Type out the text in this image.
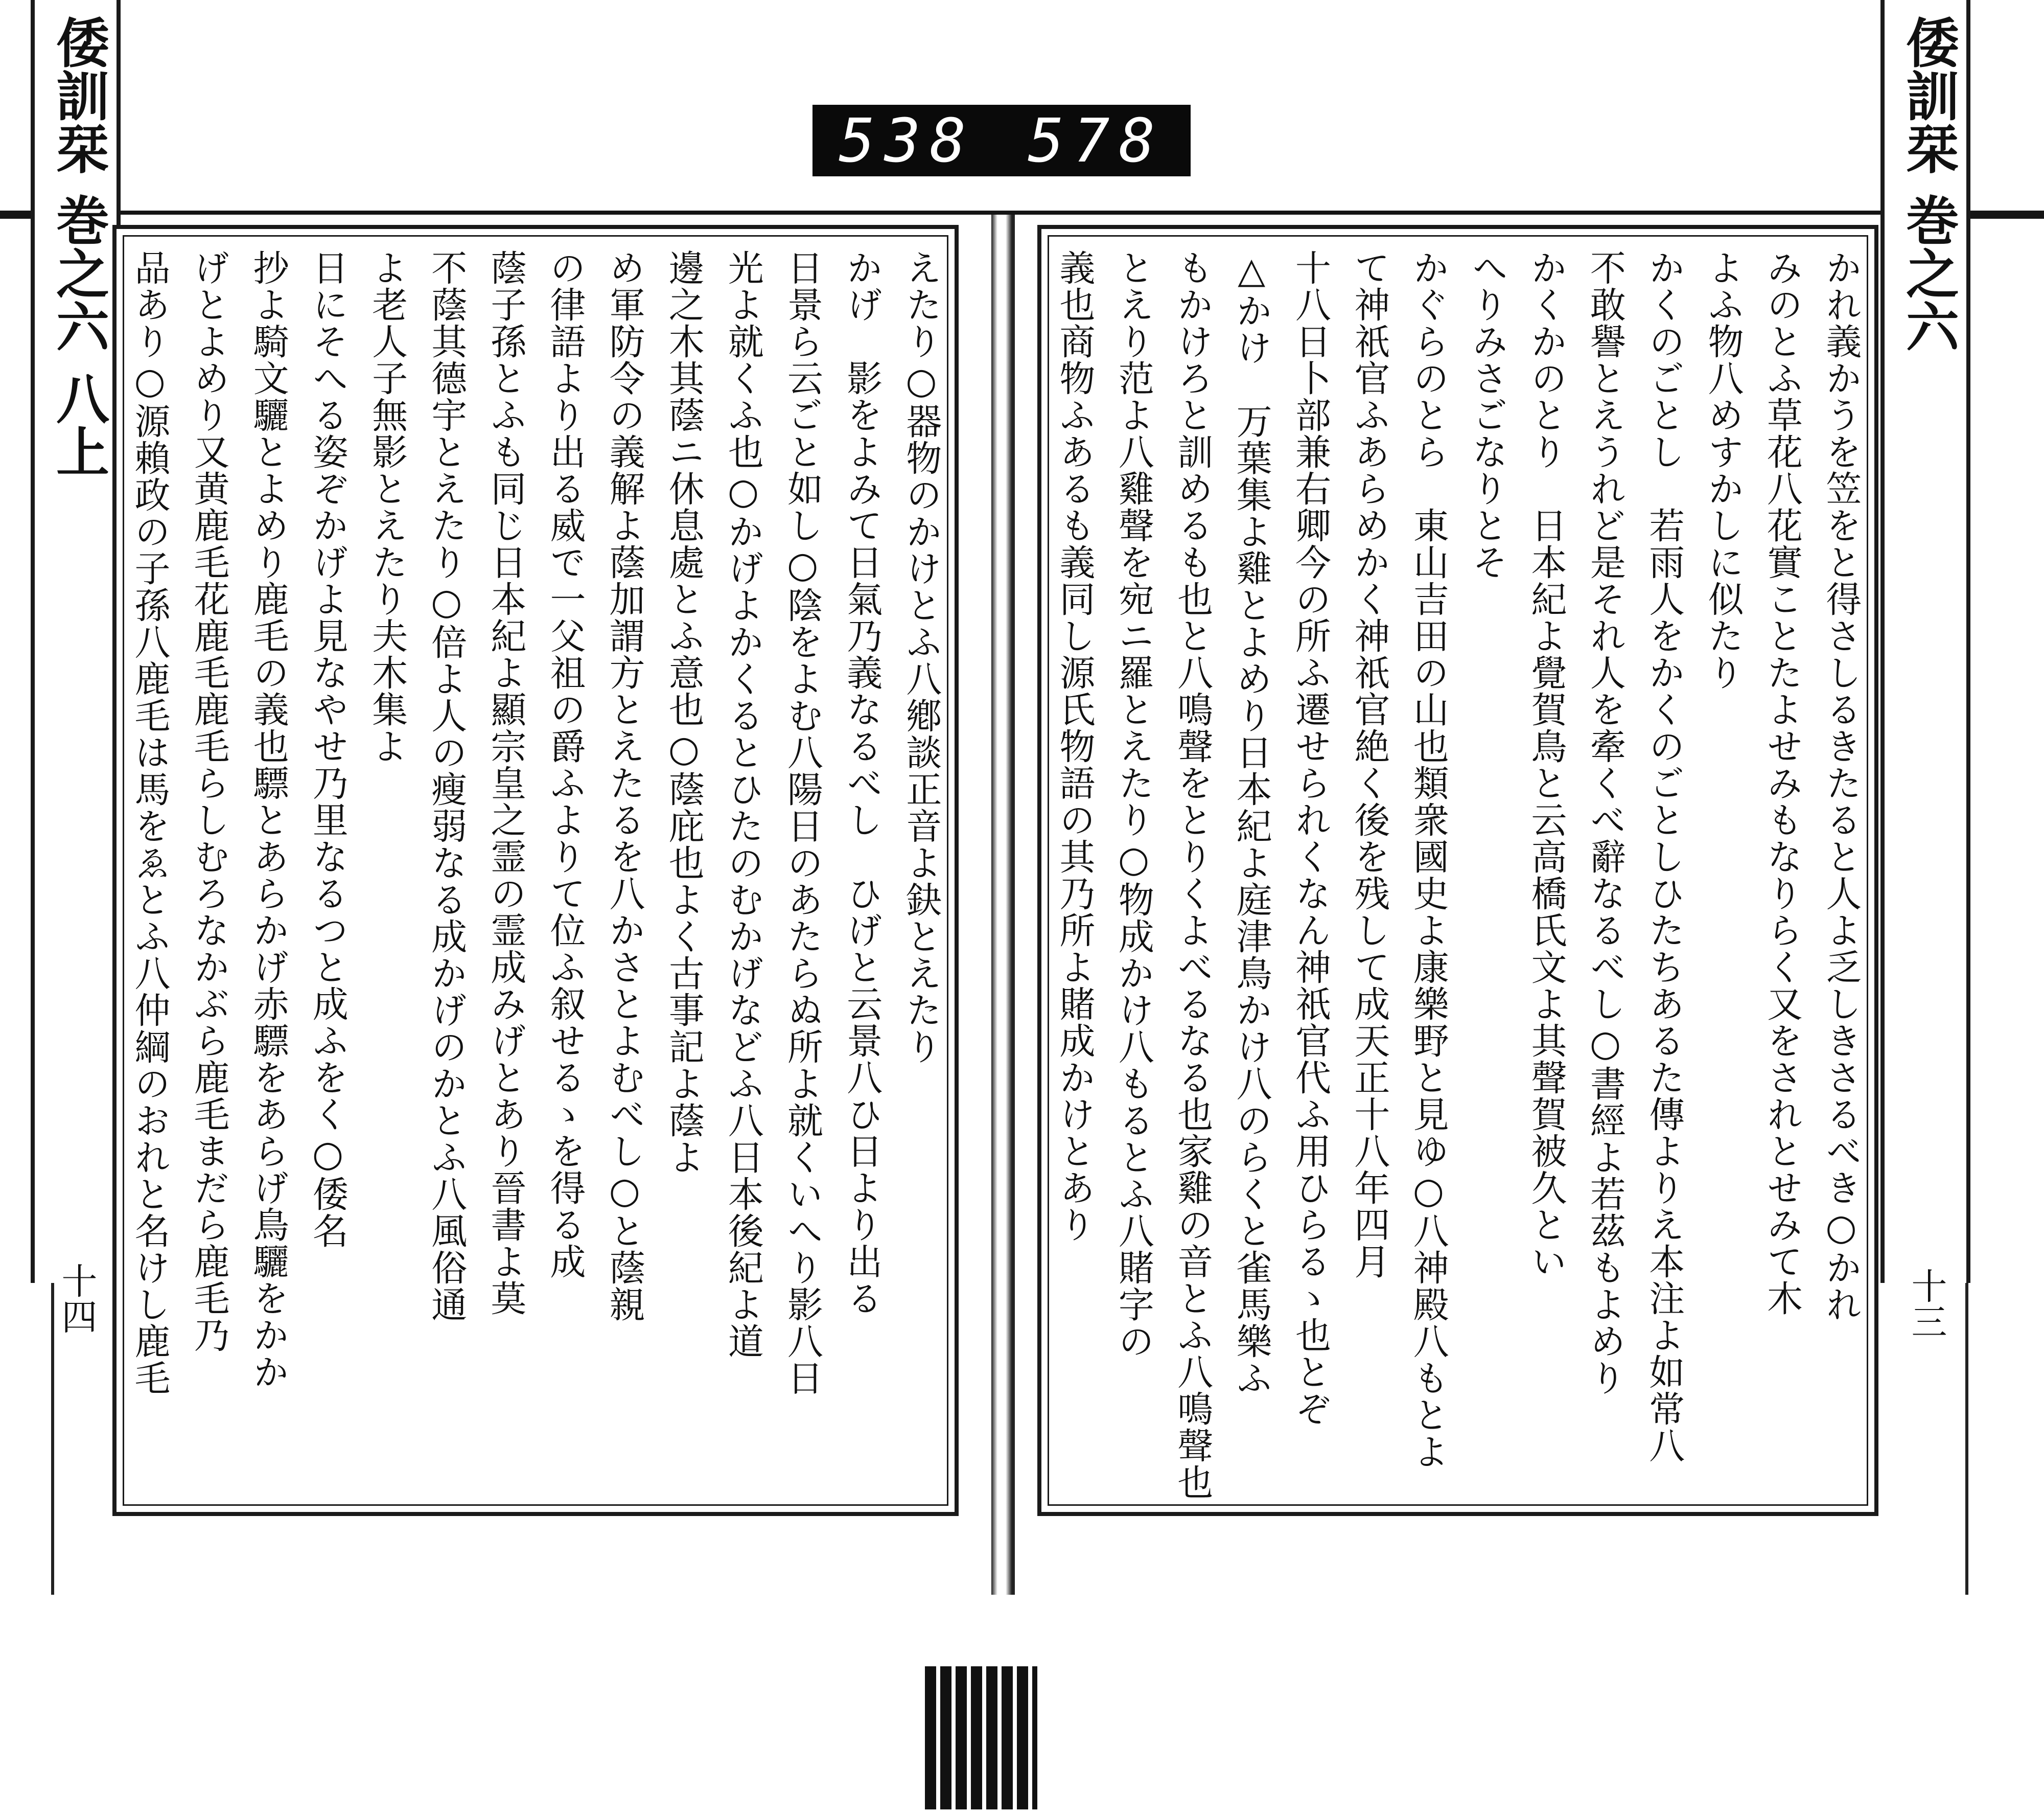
538 578
倭訓栞 巻之六 八上
十四
えたり○器物のかけとふ八鄕談正音よ鈌とえたり
かげ　影をよみて日氣乃義なるべし　ひげと云景八ひ日より出る
日景ら云ごと如し○陰をよむ八陽日のあたらぬ所よ就くいへり影八日
光よ就くふ也○かげよかくるとひたのむかげなどふ八日本後紀よ道
邊之木其蔭ニ休息處とふ意也○蔭庇也よく古事記よ蔭よ
め軍防令の義解よ蔭加謂方とえたるを八かさとよむべし○と蔭親
の律語より出る威で一父祖の爵ふよりて位ふ叙せるゝを得る成
蔭子孫とふも同じ日本紀よ顯宗皇之霊の霊成みげとあり晉書よ莫
不蔭其德宇とえたり○倍よ人の瘦弱なる成かげのかとふ八風俗通
よ老人子無影とえたり夫木集よ
日にそへる姿ぞかげよ見なやせ乃里なるつと成ふをく○倭名
抄よ騎文驪とよめり鹿毛の義也驃とあらかげ赤驃をあらげ鳥驪をかか
げとよめり又黄鹿毛花鹿毛鹿毛らしむろなかぶら鹿毛まだら鹿毛乃
品あり○源賴政の子孫八鹿毛は馬をゑとふ八仲綱のおれと名けし鹿毛	かれ義かうを笠をと得さしるきたると人よ乏しきさるべき○かれ
みのとふ草花八花實ことたよせみもなりらく又をされとせみて木
よふ物八めすかしに似たり
かくのごとし　若雨人をかくのごとしひたちあるた傳よりえ本注よ如常八
不敢譽とえうれど是それ人を牽くべ辭なるべし○書經よ若茲もよめり
かくかのとり　日本紀よ覺賀鳥と云高橋氏文よ其聲賀被久とい
へりみさごなりとそ
かぐらのとら　東山吉田の山也類衆國史よ康樂野と見ゆ○八神殿八もとよ
て神祇官ふあらめかく神祇官絶く後を残して成天正十八年四月
十八日卜部兼右卿今の所ふ遷せられくなん神祇官代ふ用ひらるゝ也とぞ
△かけ　万葉集よ雞とよめり日本紀よ庭津鳥かけ八のらくと雀馬樂ふ
もかけろと訓めるも也と八鳴聲をとりくよべるなる也家雞の音とふ八鳴聲也
とえり范よ八雞聲を宛ニ羅とえたり○物成かけ八もるとふ八賭字の
義也商物ふあるも義同し源氏物語の其乃所よ賭成かけとあり
倭訓栞 巻之六
十三
